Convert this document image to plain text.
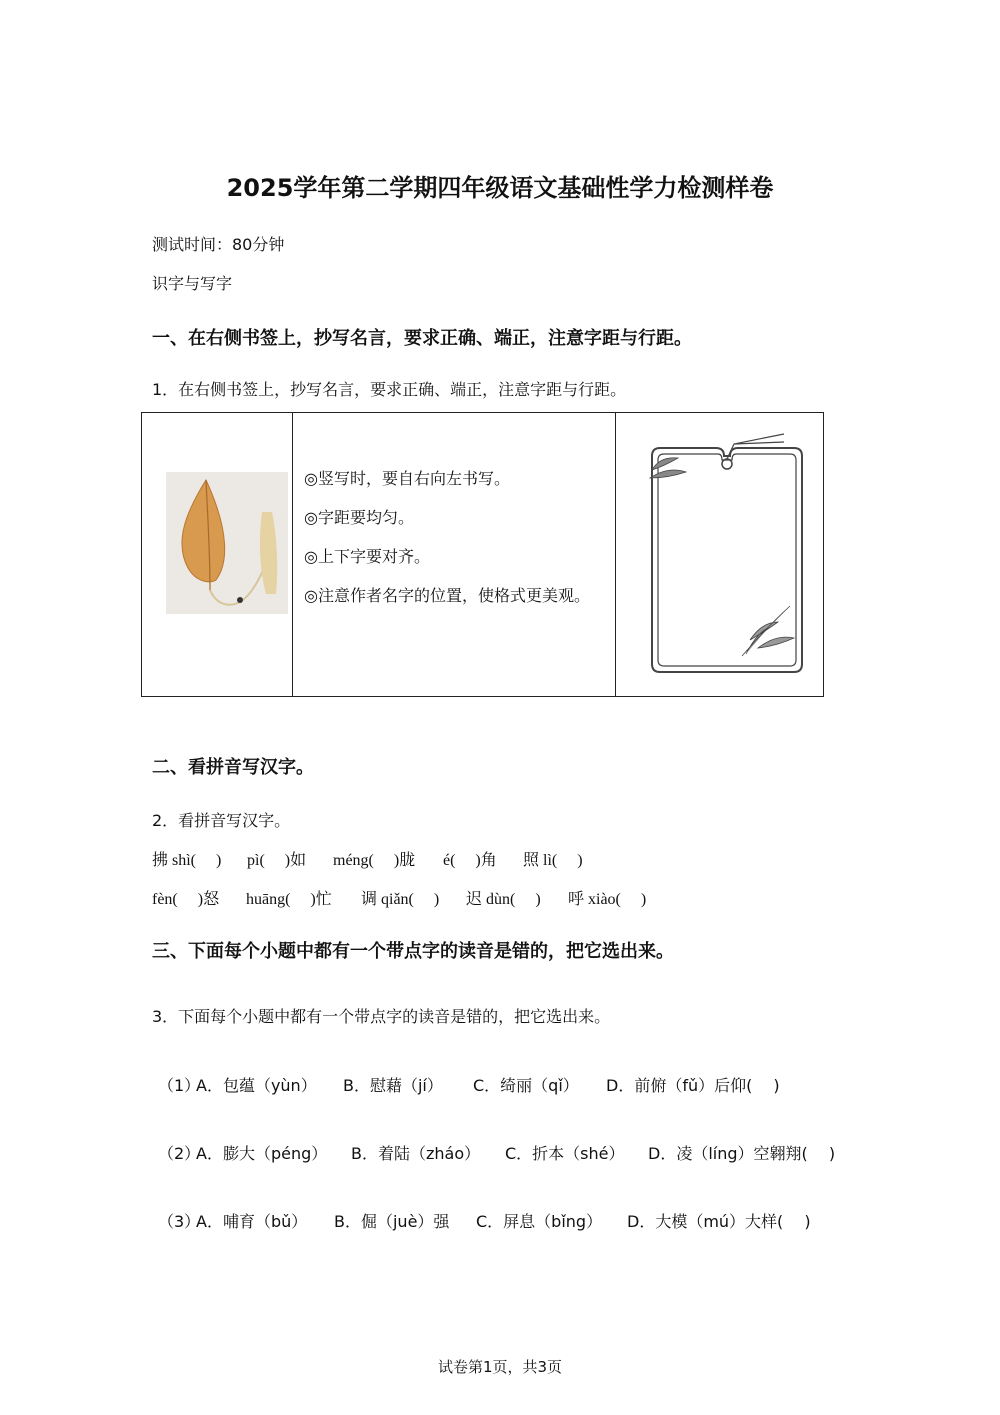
2025学年第二学期四年级语文基础性学力检测样卷
测试时间：80分钟
识字与写字
一、在右侧书签上，抄写名言，要求正确、端正，注意字距与行距。
1．在右侧书签上，抄写名言，要求正确、端正，注意字距与行距。
◎竖写时，要自右向左书写。
◎字距要均匀。
◎上下字要对齐。
◎注意作者名字的位置，使格式更美观。
二、看拼音写汉字。
2．看拼音写汉字。
拂 shì(　 ) pì(　 )如 méng(　 )胧 é(　 )角 照 lì(　 )
fèn(　 )怒 huāng(　 )忙 调 qiǎn(　 ) 迟 dùn(　 ) 呼 xiào(　 )
三、下面每个小题中都有一个带点字的读音是错的，把它选出来。
3．下面每个小题中都有一个带点字的读音是错的，把它选出来。
（1）
A．包蕴（yùn） B．慰藉（jí） C．绮丽（qǐ） D．前俯（fǔ）后仰(　 )
（2）
A．膨大（péng） B．着陆（zháo） C．折本（shé） D．凌（líng）空翱翔(　 )
（3）
A．哺育（bǔ） B．倔（juè）强 C．屏息（bǐng） D．大模（mú）大样(　 )
试卷第1页，共3页
